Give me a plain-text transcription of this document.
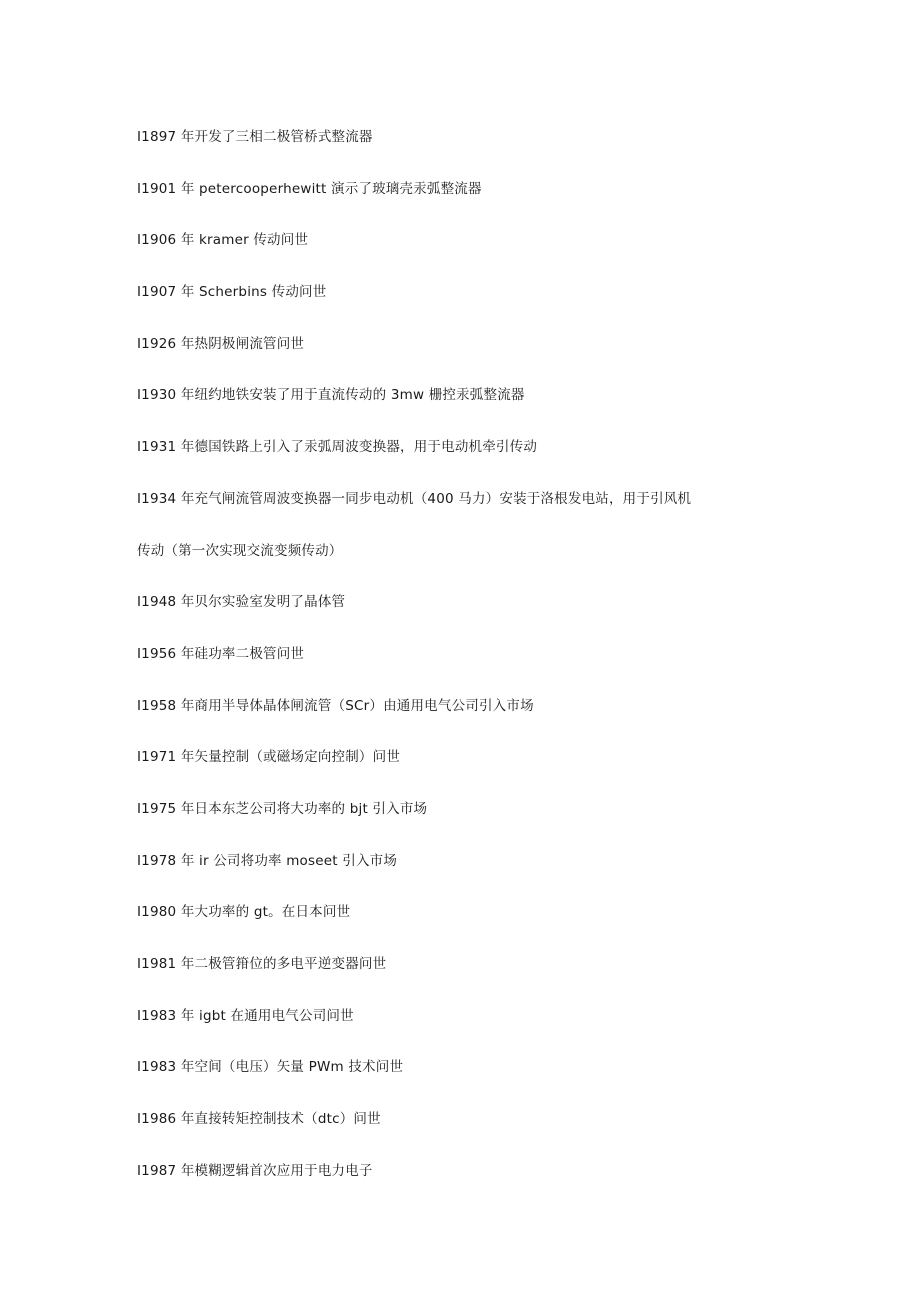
I1897 年开发了三相二极管桥式整流器
I1901 年 petercooperhewitt 演示了玻璃壳汞弧整流器
I1906 年 kramer 传动问世
I1907 年 Scherbins 传动问世
I1926 年热阴极闸流管问世
I1930 年纽约地铁安装了用于直流传动的 3mw 栅控汞弧整流器
I1931 年德国铁路上引入了汞弧周波变换器，用于电动机牵引传动
I1934 年充气闸流管周波变换器一同步电动机（400 马力）安装于洛根发电站，用于引风机
传动（第一次实现交流变频传动）
I1948 年贝尔实验室发明了晶体管
I1956 年硅功率二极管问世
I1958 年商用半导体晶体闸流管（SCr）由通用电气公司引入市场
I1971 年矢量控制（或磁场定向控制）问世
I1975 年日本东芝公司将大功率的 bjt 引入市场
I1978 年 ir 公司将功率 moseet 引入市场
I1980 年大功率的 gt。在日本问世
I1981 年二极管箝位的多电平逆变器问世
I1983 年 igbt 在通用电气公司问世
I1983 年空间（电压）矢量 PWm 技术问世
I1986 年直接转矩控制技术（dtc）问世
I1987 年模糊逻辑首次应用于电力电子
